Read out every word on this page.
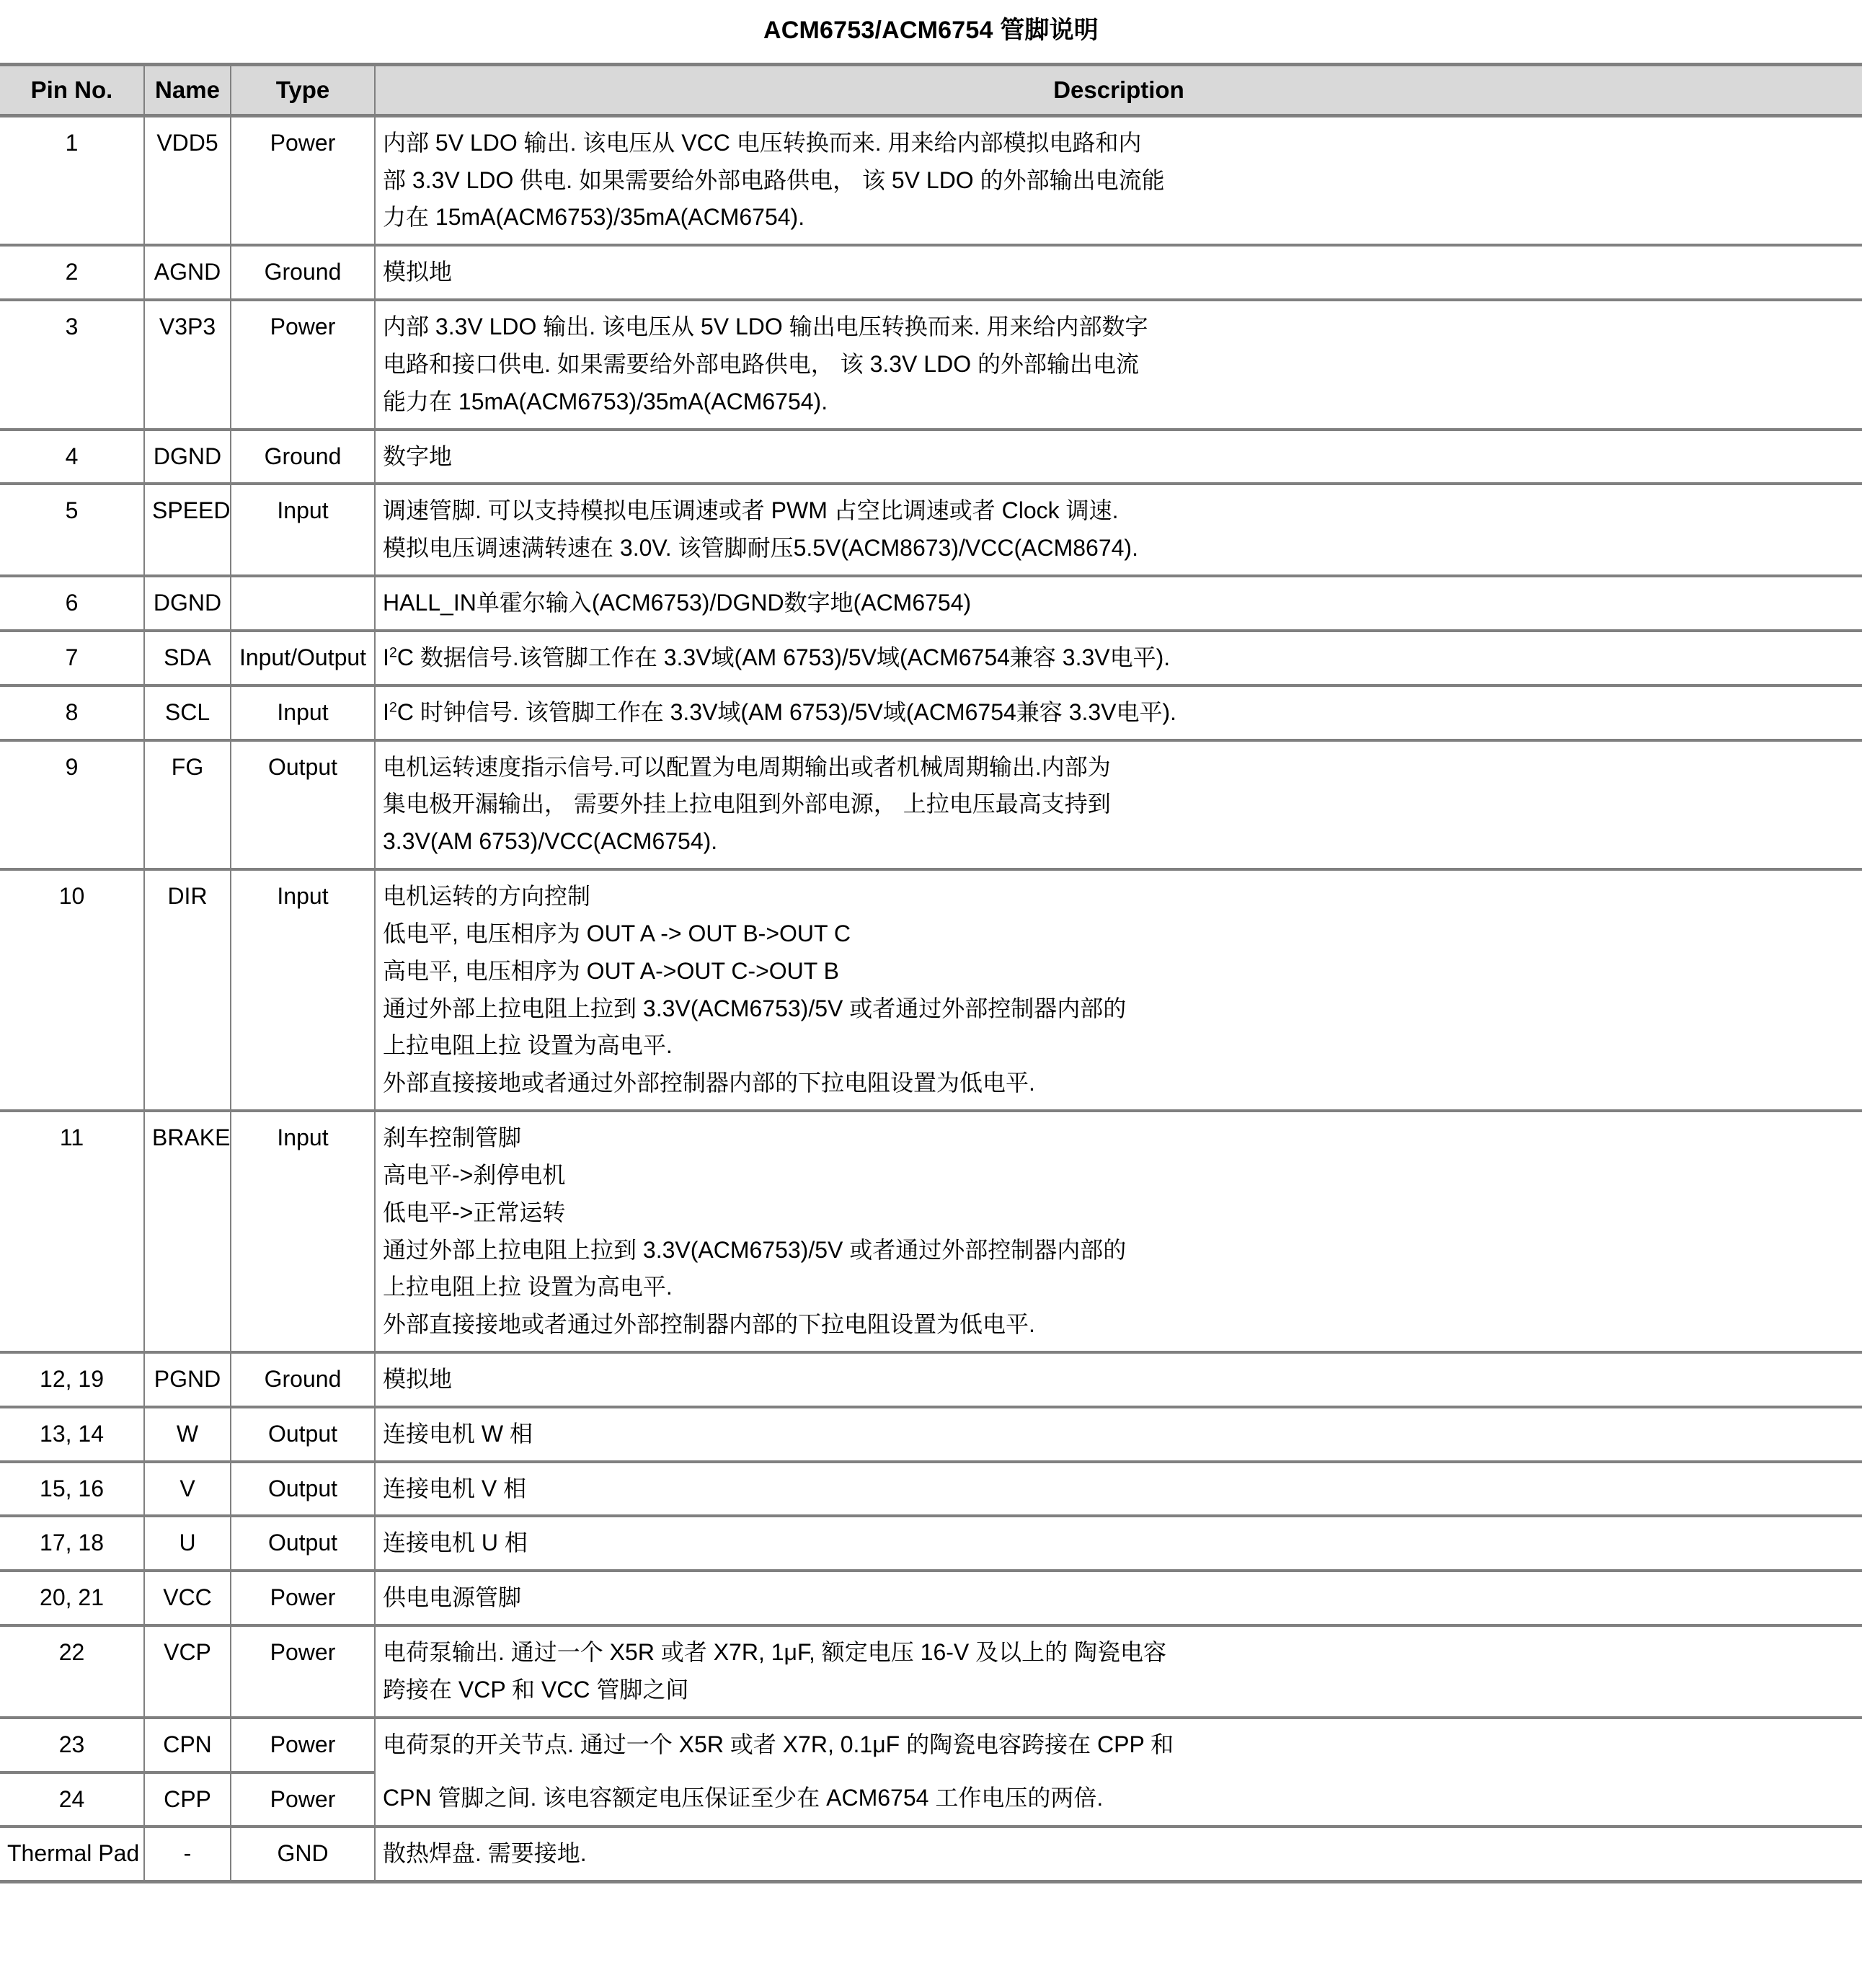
ACM6753/ACM6754 管脚说明
Pin No.	Name	Type	Description
1	VDD5	Power	内部 5V LDO 输出. 该电压从 VCC 电压转换而来. 用来给内部模拟电路和内
部 3.3V LDO 供电. 如果需要给外部电路供电， 该 5V LDO 的外部输出电流能
力在 15mA(ACM6753)/35mA(ACM6754).

2	AGND	Ground	模拟地

3	V3P3	Power	内部 3.3V LDO 输出. 该电压从 5V LDO 输出电压转换而来. 用来给内部数字
电路和接口供电. 如果需要给外部电路供电， 该 3.3V LDO 的外部输出电流
能力在 15mA(ACM6753)/35mA(ACM6754).

4	DGND	Ground	数字地

5	SPEED	Input	调速管脚. 可以支持模拟电压调速或者 PWM 占空比调速或者 Clock 调速.
模拟电压调速满转速在 3.0V. 该管脚耐压5.5V(ACM8673)/VCC(ACM8674).

6	DGND		HALL_IN单霍尔输入(ACM6753)/DGND数字地(ACM6754)

7	SDA	Input/Output	$I^2C$ 数据信号.该管脚工作在 3.3V域(AM 6753)/5V域(ACM6754兼容 3.3V电平).

8	SCL	Input	$I^2C$ 时钟信号. 该管脚工作在 3.3V域(AM 6753)/5V域(ACM6754兼容 3.3V电平).

9	FG	Output	电机运转速度指示信号.可以配置为电周期输出或者机械周期输出.内部为
集电极开漏输出， 需要外挂上拉电阻到外部电源， 上拉电压最高支持到
3.3V(AM 6753)/VCC(ACM6754).

10	DIR	Input	电机运转的方向控制
低电平, 电压相序为 OUT A -> OUT B->OUT C
高电平, 电压相序为 OUT A->OUT C->OUT B
通过外部上拉电阻上拉到 3.3V(ACM6753)/5V 或者通过外部控制器内部的
上拉电阻上拉 设置为高电平.
外部直接接地或者通过外部控制器内部的下拉电阻设置为低电平.

11	BRAKE	Input	刹车控制管脚
高电平->刹停电机
低电平->正常运转
通过外部上拉电阻上拉到 3.3V(ACM6753)/5V 或者通过外部控制器内部的
上拉电阻上拉 设置为高电平.
外部直接接地或者通过外部控制器内部的下拉电阻设置为低电平.

12, 19	PGND	Ground	模拟地

13, 14	W	Output	连接电机 W 相

15, 16	V	Output	连接电机 V 相

17, 18	U	Output	连接电机 U 相

20, 21	VCC	Power	供电电源管脚

22	VCP	Power	电荷泵输出. 通过一个 X5R 或者 X7R, 1μF, 额定电压 16-V 及以上的 陶瓷电容
跨接在 VCP 和 VCC 管脚之间

23	CPN	Power	电荷泵的开关节点. 通过一个 X5R 或者 X7R, 0.1μF 的陶瓷电容跨接在 CPP 和

24	CPP	Power	CPN 管脚之间. 该电容额定电压保证至少在 ACM6754 工作电压的两倍.

Thermal Pad	-	GND	散热焊盘. 需要接地.
